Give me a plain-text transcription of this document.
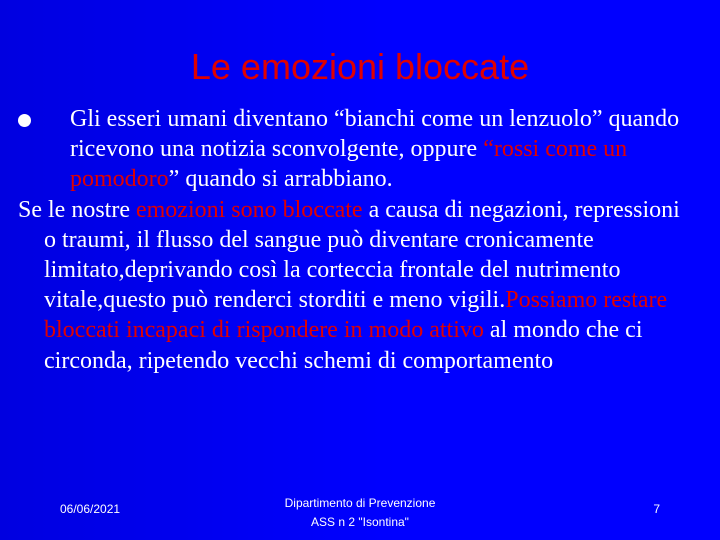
Le emozioni bloccate

Gli esseri umani diventano “bianchi come un lenzuolo” quando ricevono una notizia sconvolgente, oppure “rossi come un pomodoro” quando si arrabbiano.

Se le nostre emozioni sono bloccate a causa di negazioni, repressioni o traumi, il flusso del sangue può diventare cronicamente limitato,deprivando così la corteccia frontale del nutrimento vitale,questo può renderci storditi e meno vigili.Possiamo restare bloccati incapaci di rispondere in modo attivo al mondo che ci circonda, ripetendo vecchi schemi di comportamento

06/06/2021	Dipartimento di Prevenzione
ASS n 2 "Isontina"
7
